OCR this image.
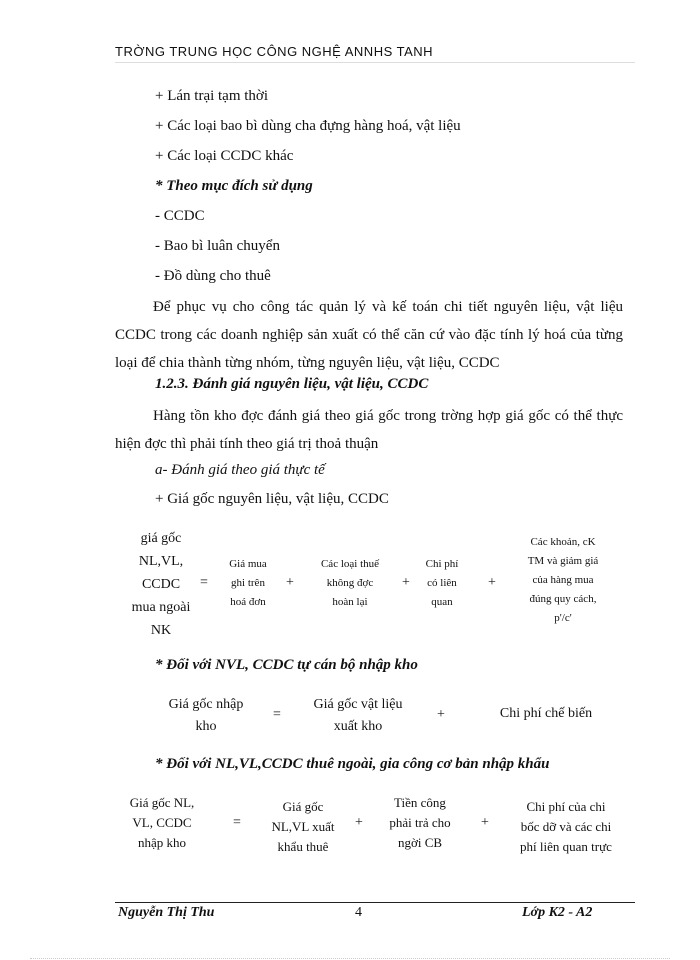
TRỜNG TRUNG HỌC CÔNG NGHỆ ANNHS TANH
+ Lán trại tạm thời
+ Các loại bao bì dùng cha đựng hàng hoá, vật liệu
+ Các loại CCDC khác
* Theo mục đích sử dụng
- CCDC
- Bao bì luân chuyển
- Đồ dùng cho thuê
Để phục vụ cho công tác quản lý và kế toán chi tiết nguyên liệu, vật liệu CCDC trong các doanh nghiệp sản xuất có thể căn cứ vào đặc tính lý hoá của từng loại để chia thành từng nhóm, từng nguyên liệu, vật liệu, CCDC
1.2.3. Đánh giá nguyên liệu, vật liệu, CCDC
Hàng tồn kho đợc đánh giá theo giá gốc trong trờng hợp giá gốc có thể thực hiện đợc thì phải tính theo giá trị thoả thuận
a- Đánh giá theo giá thực tế
+ Giá gốc nguyên liệu, vật liệu, CCDC
giá gốc
NL,VL,
CCDC
mua ngoài
NK
=
Giá mua
ghi trên
hoá đơn
+
Các loại thuế
không đợc
hoàn lại
+
Chi phí
có liên
quan
+
Các khoản, cK
TM và giảm giá
của hàng mua
đúng quy cách,
p'/c'
* Đối với NVL, CCDC tự cán bộ nhập kho
Giá gốc nhập
kho
=
Giá gốc vật liệu
xuất kho
+	Chi phí chế biến
* Đối với NL,VL,CCDC thuê ngoài, gia công cơ bản nhập khẩu
Giá gốc NL,
VL, CCDC
nhập kho
=
Giá gốc
NL,VL xuất
khẩu thuê
+
Tiền công
phải trả cho
ngời CB
+
Chi phí của chi
bốc dỡ và các chi
phí liên quan trực
Nguyễn Thị Thu	4	Lớp K2 - A2
